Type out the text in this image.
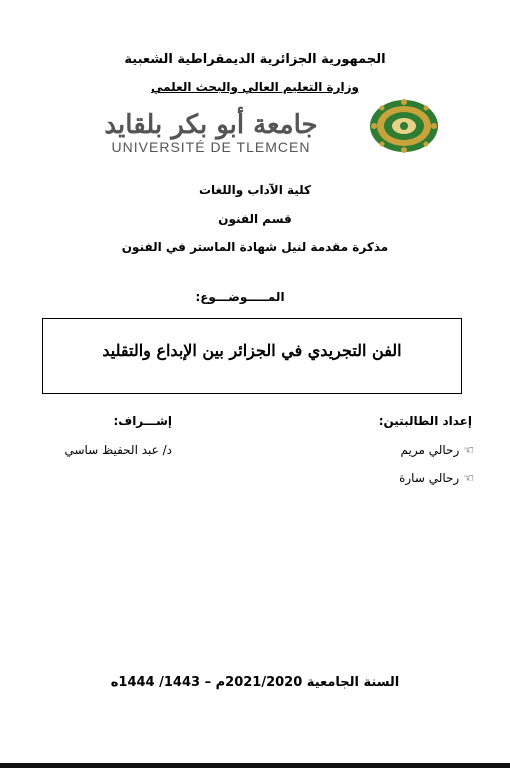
الجمهورية الجزائرية الديمقراطية الشعبية
وزارة التعليم العالي والبحث العلمي
جامعة أبو بكر بلقايد
UNIVERSITÉ DE TLEMCEN
كلية الآداب واللغات
قسم الفنون
مذكرة مقدمة لنيل شهادة الماستر في الفنون
المـــــوضـــوع:
الفن التجريدي في الجزائر بين الإبداع والتقليد
إعداد الطالبتين:
☜رحالي مريم
☜رحالي سارة
إشـــراف:
د/ عبد الحفيظ ساسي
السنة الجامعية 2021/2020م – 1443/ 1444ه
